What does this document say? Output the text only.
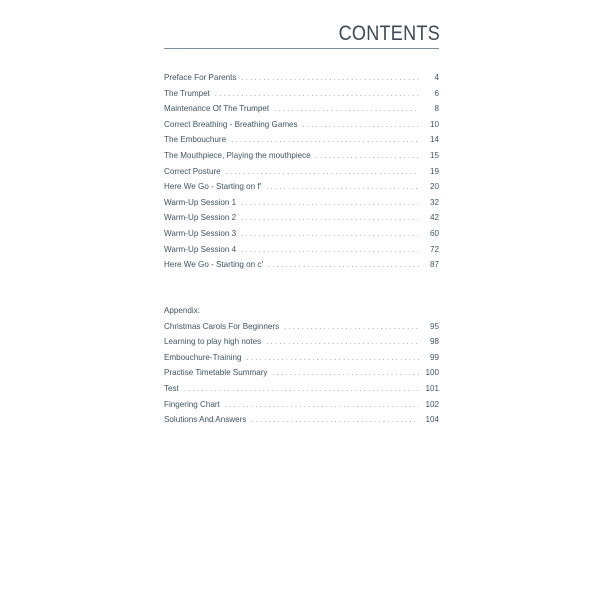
CONTENTS
Preface For Parents . . .	4
The Trumpet . . .	6
Maintenance Of The Trumpet . . .	8
Correct Breathing - Breathing Games . . .	10
The Embouchure . . .	14
The Mouthpiece, Playing the mouthpiece . . .	15
Correct Posture . . .	19
Here We Go - Starting on f′ . . .	20
Warm-Up Session 1 . . .	32
Warm-Up Session 2 . . .	42
Warm-Up Session 3 . . .	60
Warm-Up Session 4 . . .	72
Here We Go - Starting on c′ . . .	87
Appendix:
Christmas Carols For Beginners . . .	95
Learning to play high notes . . .	98
Embouchure-Training . . .	99
Practise Timetable Summary . . .	100
Test . . .	101
Fingering Chart . . .	102
Solutions And Answers . . .	104
